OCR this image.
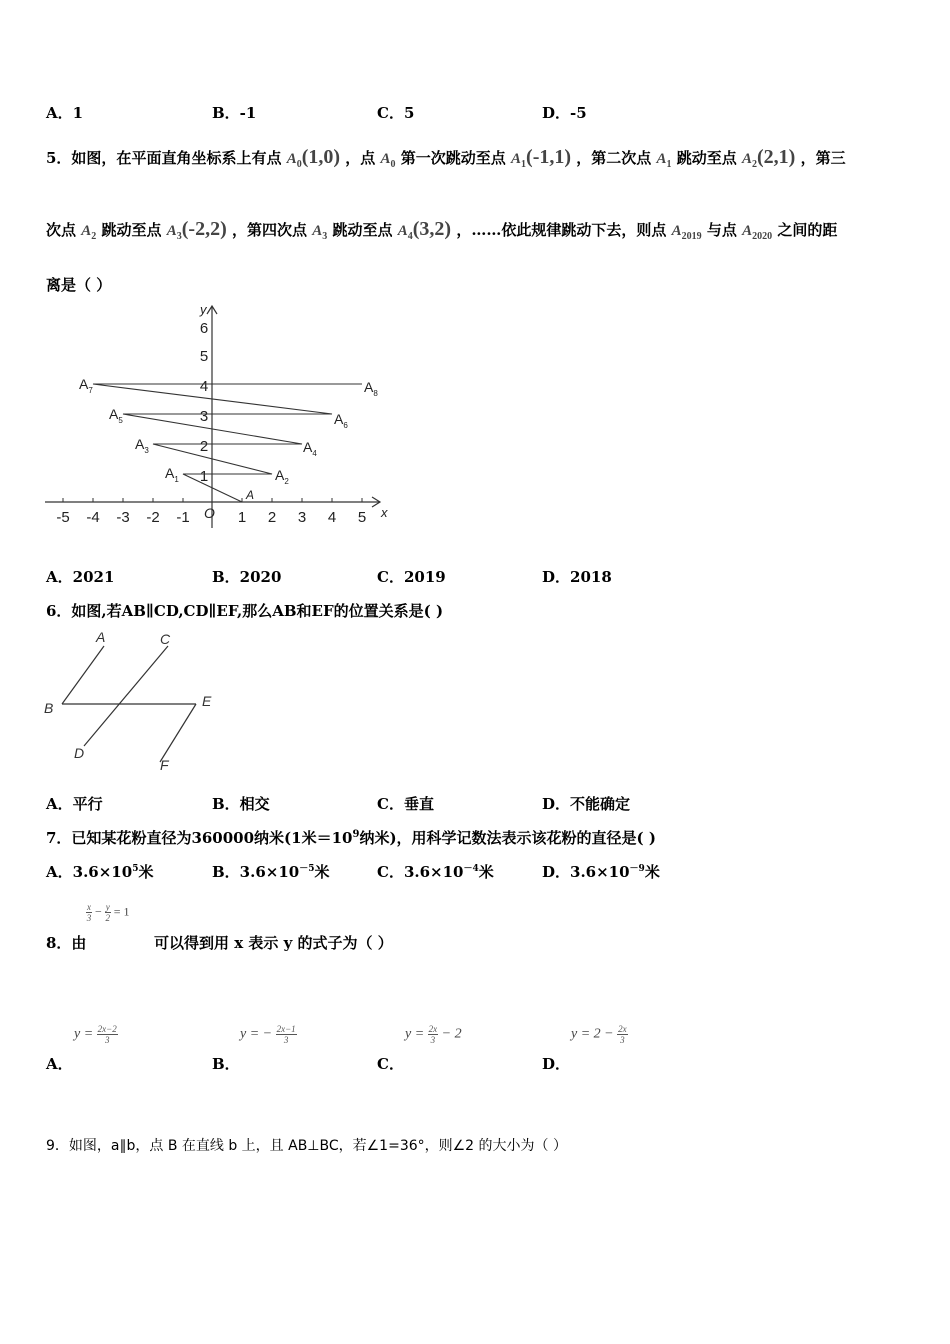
A．1	B．-1	C．5	D．-5
5．如图，在平面直角坐标系上有点 $A_0(1,0)$ ，点 $A_0$ 第一次跳动至点 $A_1(-1,1)$ ，第二次点 $A_1$ 跳动至点 $A_2(2,1)$ ，第三
次点 $A_2$ 跳动至点 $A_3(-2,2)$ ，第四次点 $A_3$ 跳动至点 $A_4(3,2)$ ，……依此规律跳动下去，则点 $A_{2019}$ 与点 $A_{2020}$ 之间的距
离是（ ）
-5 -4 -3 -2 -1	1 2 3 4 5
1
2
3
4
5
6
O	x
y
A
$A_1$	$A_2$
$A_3$	$A_4$
$A_5$	$A_6$
$A_7$	$A_8$
A．2021	B．2020	C．2019	D．2018
6．如图,若AB∥CD,CD∥EF,那么AB和EF的位置关系是( )
A	C
B	E
D
F
A．平行	B．相交	C．垂直	D．不能确定
7．已知某花粉直径为360000纳米(1米$=10^9$纳米)，用科学记数法表示该花粉的直径是( )
A．$3.6\times 10^5$米	B．$3.6\times 10^{-5}$米	C．$3.6\times 10^{-4}$米	D．$3.6\times 10^{-9}$米
$\frac{x}{3} - \frac{y}{2} = 1$
8．由	可以得到用 x 表示 y 的式子为（ ）
$y = \frac{2x-2}{3}$
A．
y = − $\frac{2x-1}{3}$
B．
$y = \frac{2x}{3} - 2$
C．
$y = 2 - \frac{2x}{3}$
D．
9．如图，a∥b，点 B 在直线 b 上，且 AB⊥BC，若∠1=36°，则∠2 的大小为（ ）
